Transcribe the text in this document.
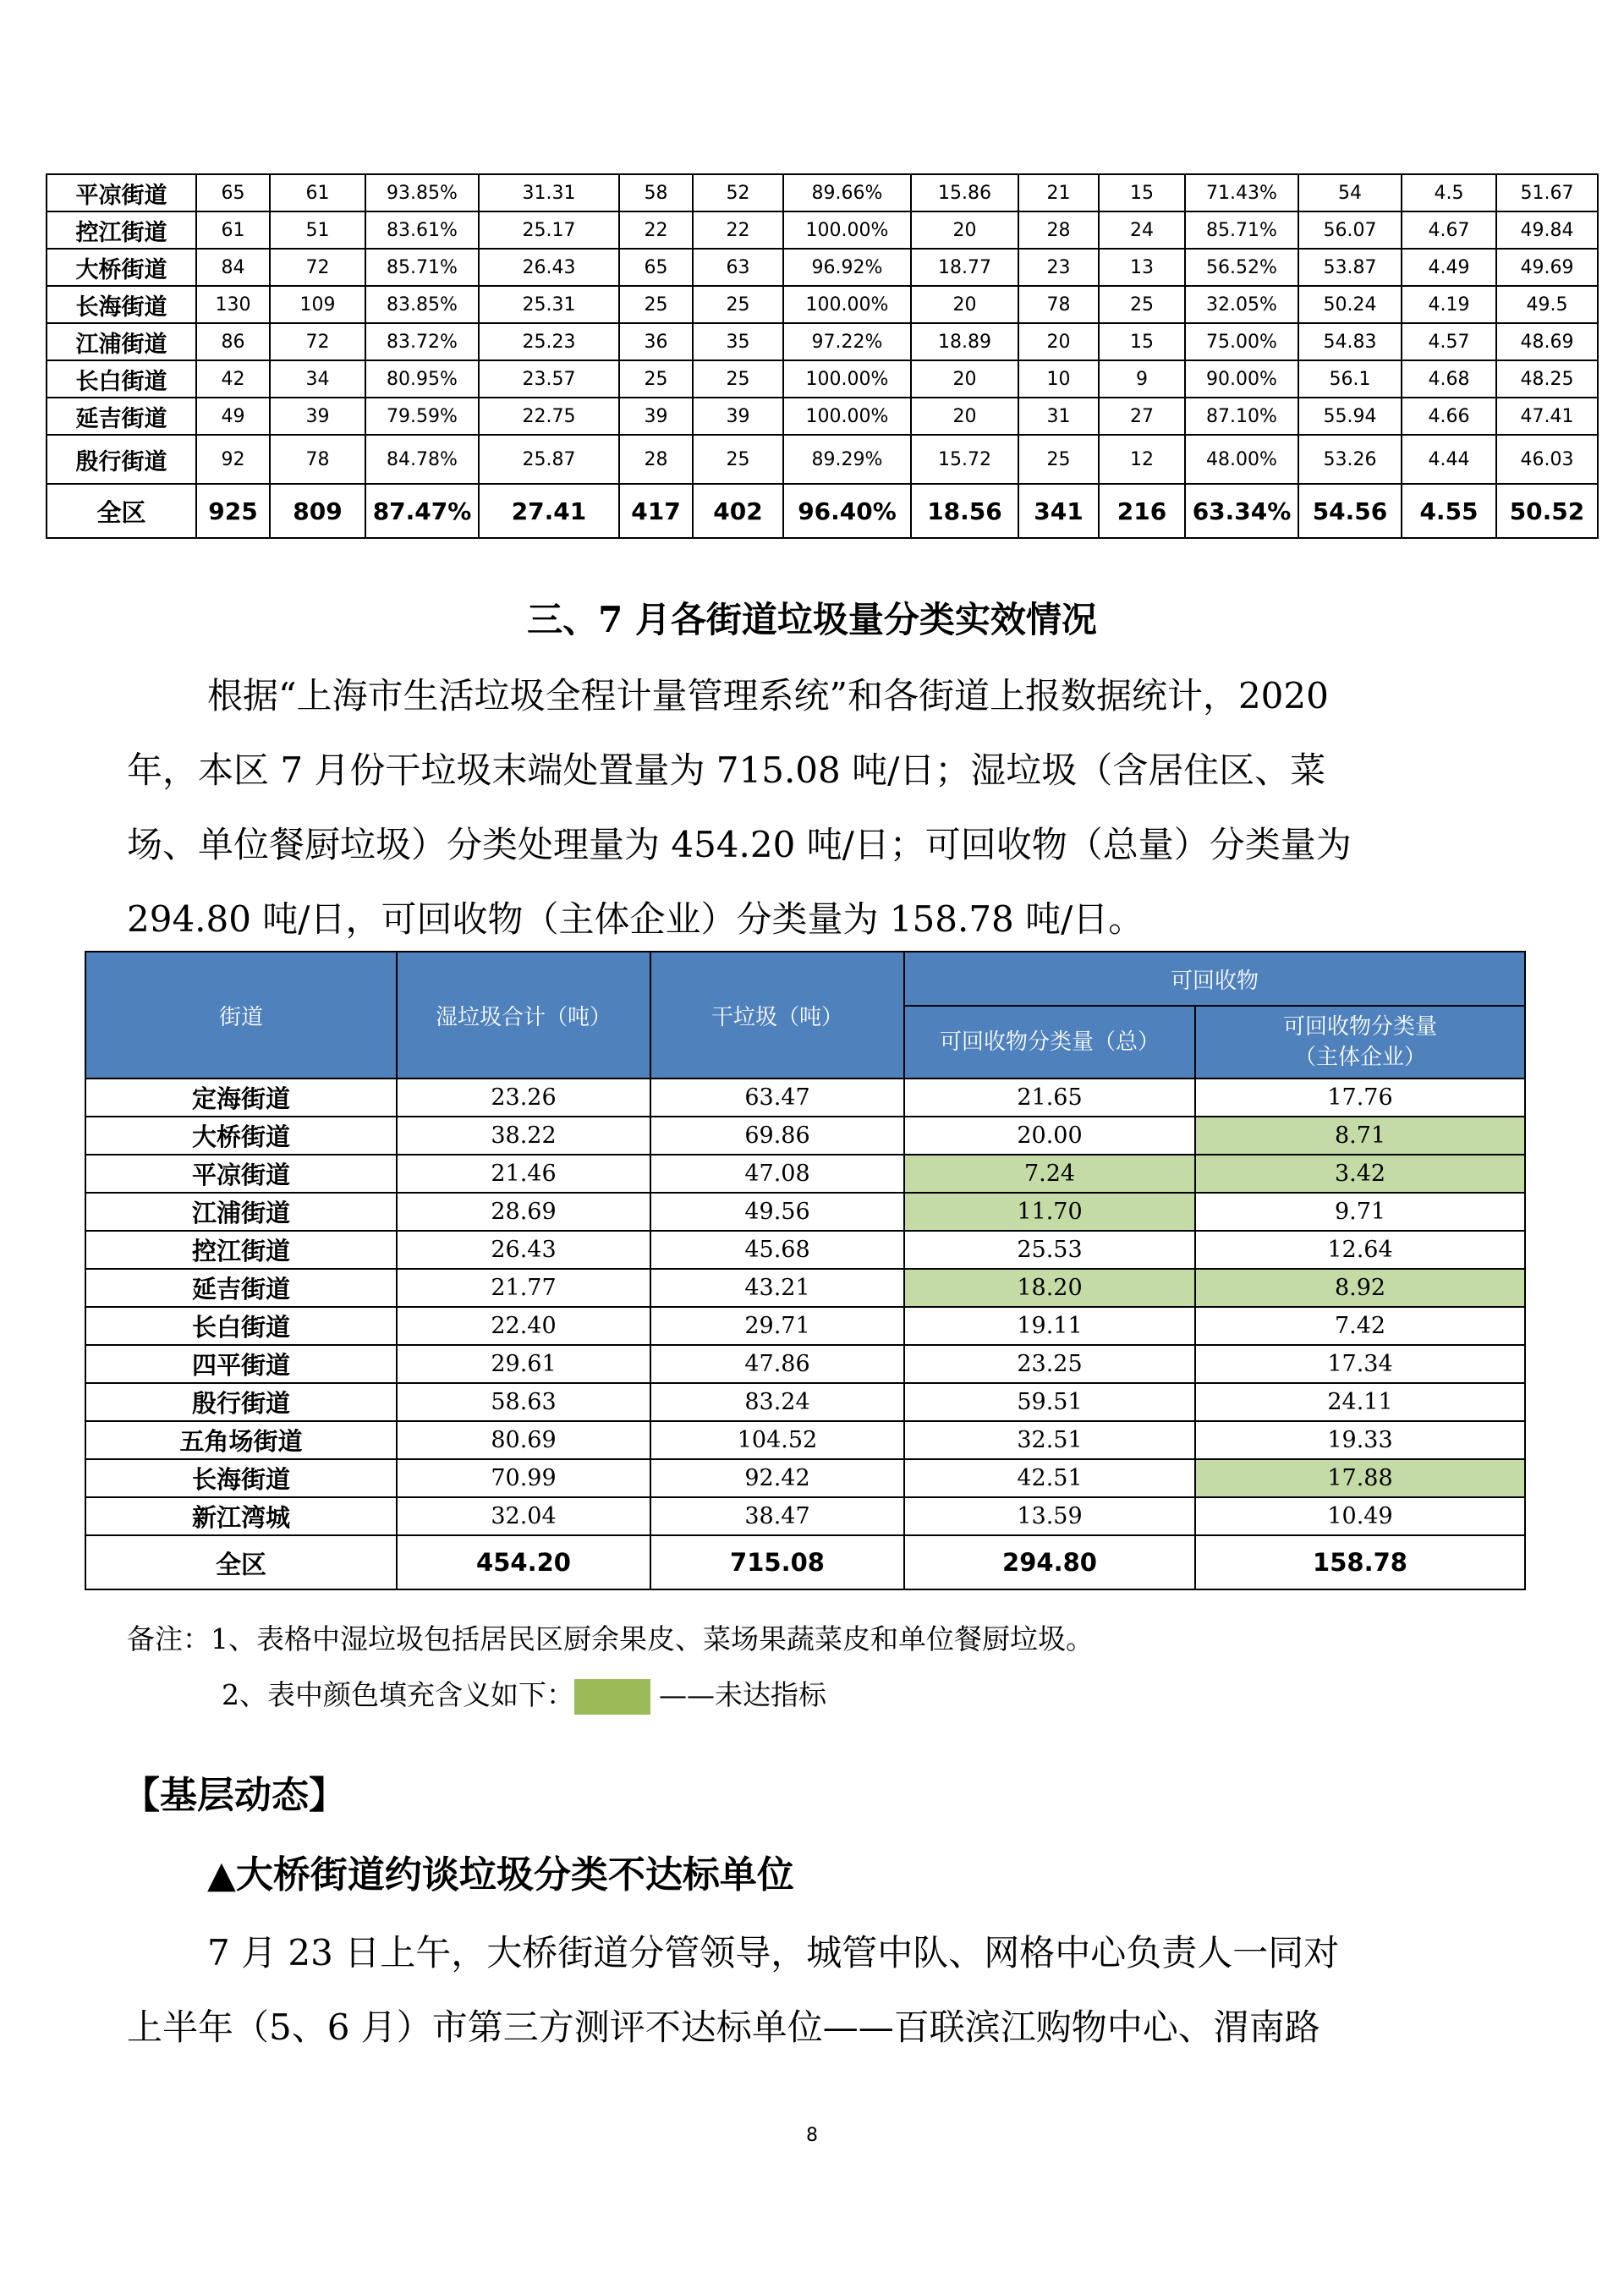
平凉街道	65	61	93.85%	31.31	58	52	89.66%	15.86	21	15	71.43%	54	4.5	51.67
控江街道	61	51	83.61%	25.17	22	22	100.00%	20	28	24	85.71%	56.07	4.67	49.84
大桥街道	84	72	85.71%	26.43	65	63	96.92%	18.77	23	13	56.52%	53.87	4.49	49.69
长海街道	130	109	83.85%	25.31	25	25	100.00%	20	78	25	32.05%	50.24	4.19	49.5
江浦街道	86	72	83.72%	25.23	36	35	97.22%	18.89	20	15	75.00%	54.83	4.57	48.69
长白街道	42	34	80.95%	23.57	25	25	100.00%	20	10	9	90.00%	56.1	4.68	48.25
延吉街道	49	39	79.59%	22.75	39	39	100.00%	20	31	27	87.10%	55.94	4.66	47.41
殷行街道	92	78	84.78%	25.87	28	25	89.29%	15.72	25	12	48.00%	53.26	4.44	46.03
全区	925	809	87.47%	27.41	417	402	96.40%	18.56	341	216	63.34%	54.56	4.55	50.52
三、7 月各街道垃圾量分类实效情况
根据“上海市生活垃圾全程计量管理系统”和各街道上报数据统计，2020
年，本区 7 月份干垃圾末端处置量为 715.08 吨/日；湿垃圾（含居住区、菜
场、单位餐厨垃圾）分类处理量为 454.20 吨/日；可回收物（总量）分类量为
294.80 吨/日，可回收物（主体企业）分类量为 158.78 吨/日。
街道	湿垃圾合计（吨）	干垃圾（吨）	可回收物	
			可回收物分类量（总）	可回收物分类量
（主体企业）

定海街道	23.26	63.47	21.65	17.76
大桥街道	38.22	69.86	20.00	8.71
平凉街道	21.46	47.08	7.24	3.42
江浦街道	28.69	49.56	11.70	9.71
控江街道	26.43	45.68	25.53	12.64
延吉街道	21.77	43.21	18.20	8.92
长白街道	22.40	29.71	19.11	7.42
四平街道	29.61	47.86	23.25	17.34
殷行街道	58.63	83.24	59.51	24.11
五角场街道	80.69	104.52	32.51	19.33
长海街道	70.99	92.42	42.51	17.88
新江湾城	32.04	38.47	13.59	10.49
全区	454.20	715.08	294.80	158.78
备注：1、表格中湿垃圾包括居民区厨余果皮、菜场果蔬菜皮和单位餐厨垃圾。
2、表中颜色填充含义如下：	——未达指标
【基层动态】
▲大桥街道约谈垃圾分类不达标单位
7 月 23 日上午，大桥街道分管领导，城管中队、网格中心负责人一同对
上半年（5、6 月）市第三方测评不达标单位——百联滨江购物中心、渭南路
8
